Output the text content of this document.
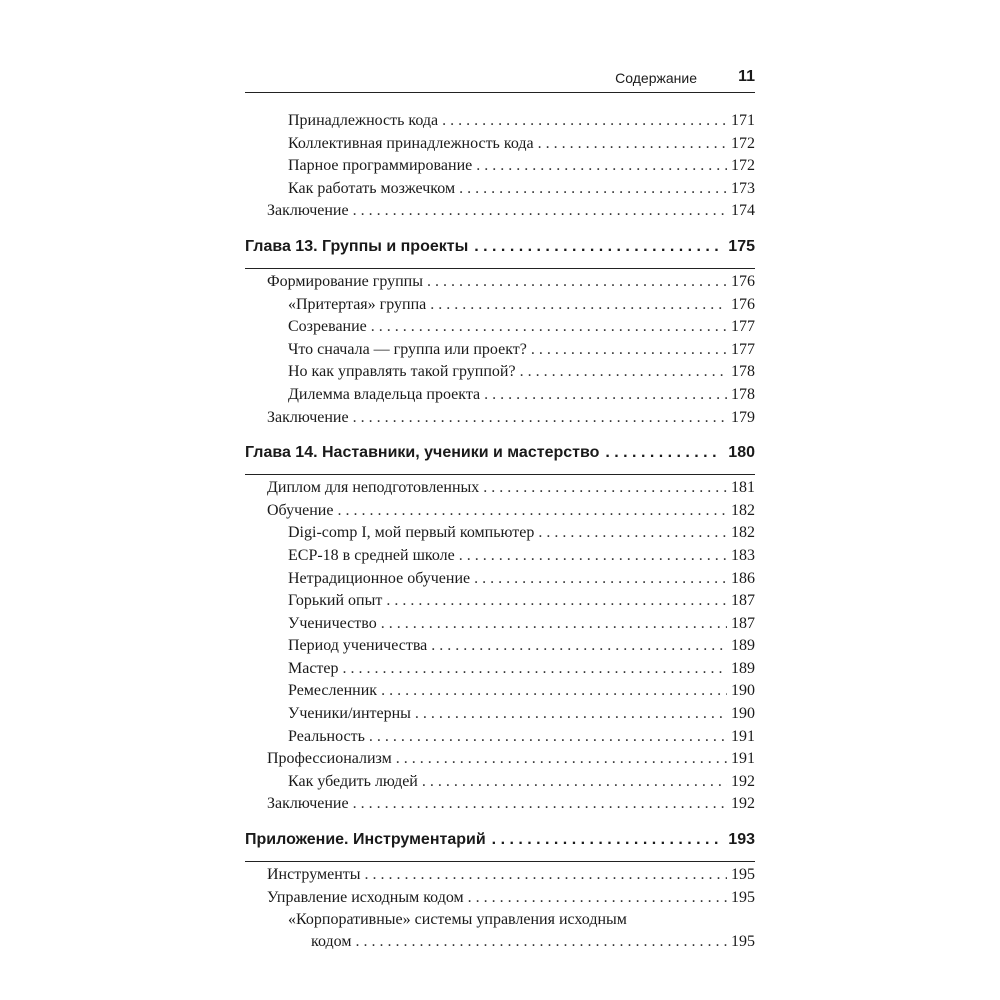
Содержание	11
Принадлежность кода . . .	171
Коллективная принадлежность кода . . .	172
Парное программирование . . .	172
Как работать мозжечком . . .	173
Заключение . . .	174
Глава 13. Группы и проекты . . .	175
Формирование группы . . .	176
«Притертая» группа . . .	176
Созревание . . .	177
Что сначала — группа или проект? . . .	177
Но как управлять такой группой? . . .	178
Дилемма владельца проекта . . .	178
Заключение . . .	179
Глава 14. Наставники, ученики и мастерство . . .	180
Диплом для неподготовленных . . .	181
Обучение . . .	182
Digi-comp I, мой первый компьютер . . .	182
ECP-18 в средней школе . . .	183
Нетрадиционное обучение . . .	186
Горький опыт . . .	187
Ученичество . . .	187
Период ученичества . . .	189
Мастер . . .	189
Ремесленник . . .	190
Ученики/интерны . . .	190
Реальность . . .	191
Профессионализм . . .	191
Как убедить людей . . .	192
Заключение . . .	192
Приложение. Инструментарий . . .	193
Инструменты . . .	195
Управление исходным кодом . . .	195
«Корпоративные» системы управления исходным
кодом . . .	195
